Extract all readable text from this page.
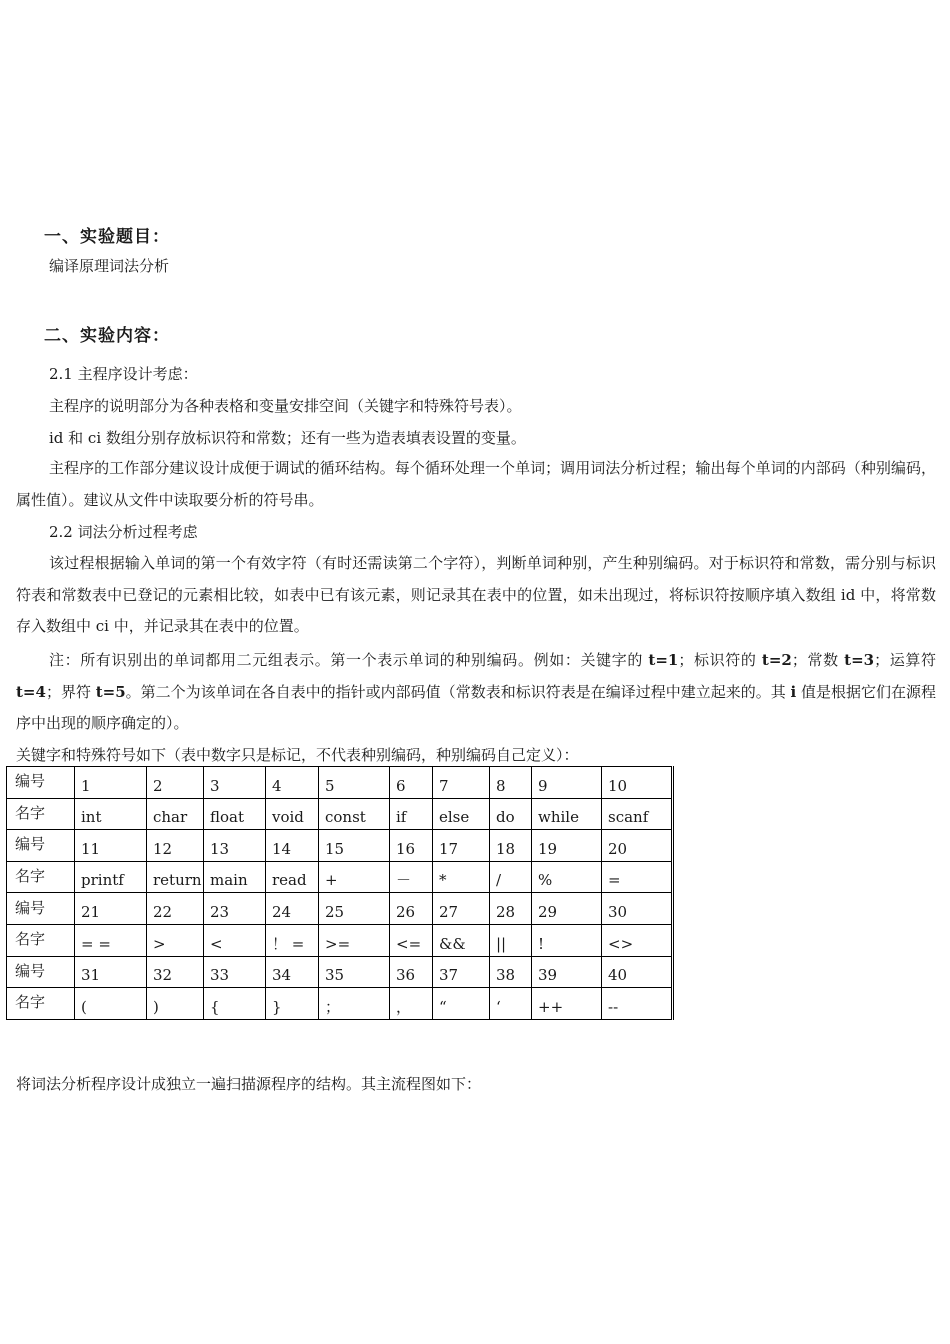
一、实验题目：
编译原理词法分析
二、实验内容：
2.1 主程序设计考虑：
主程序的说明部分为各种表格和变量安排空间（关键字和特殊符号表）。
id 和 ci 数组分别存放标识符和常数；还有一些为造表填表设置的变量。
主程序的工作部分建议设计成便于调试的循环结构。每个循环处理一个单词；调用词法分析过程；输出每个单词的内部码（种别编码，属性值）。建议从文件中读取要分析的符号串。
2.2 词法分析过程考虑
该过程根据输入单词的第一个有效字符（有时还需读第二个字符），判断单词种别，产生种别编码。对于标识符和常数，需分别与标识符表和常数表中已登记的元素相比较，如表中已有该元素，则记录其在表中的位置，如未出现过，将标识符按顺序填入数组 id 中，将常数存入数组中 ci 中，并记录其在表中的位置。
注：所有识别出的单词都用二元组表示。第一个表示单词的种别编码。例如：关键字的 t=1；标识符的 t=2；常数 t=3；运算符 t=4；界符 t=5。第二个为该单词在各自表中的指针或内部码值（常数表和标识符表是在编译过程中建立起来的。其 i 值是根据它们在源程序中出现的顺序确定的）。
关键字和特殊符号如下（表中数字只是标记，不代表种别编码，种别编码自己定义）：
编号	1	2	3	4	5	6	7	8	9	10
名字	int	char	float	void	const	if	else	do	while	scanf
编号	11	12	13	14	15	16	17	18	19	20
名字	printf	return	main	read	+	－	*	/	%	=
编号	21	22	23	24	25	26	27	28	29	30
名字	= =	>	<	！ =	>=	<=	&&	||	!	<>
编号	31	32	33	34	35	36	37	38	39	40
名字	(	)	{	}	；	，	“	‘	++	--
将词法分析程序设计成独立一遍扫描源程序的结构。其主流程图如下：
